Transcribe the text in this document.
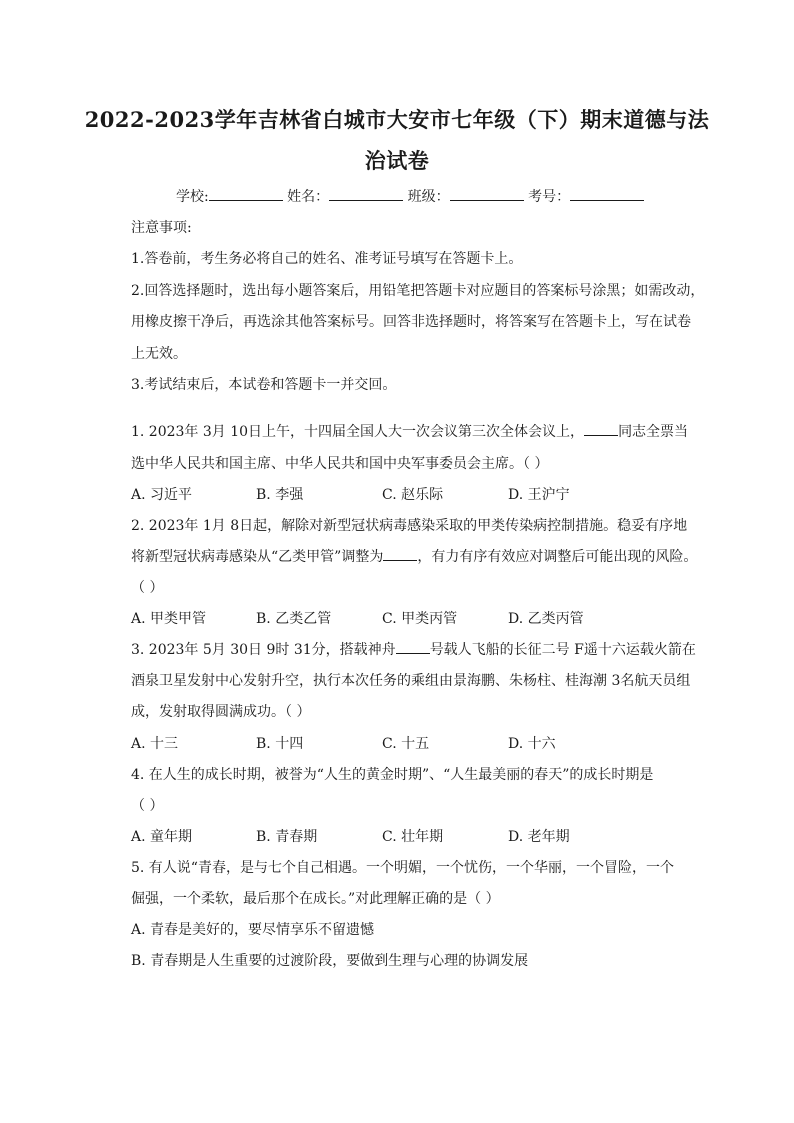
2022-2023学年吉林省白城市大安市七年级（下）期末道德与法
治试卷
学校:	姓名：	班级：	考号：
注意事项:
1.答卷前，考生务必将自己的姓名、准考证号填写在答题卡上。
2.回答选择题时，选出每小题答案后，用铅笔把答题卡对应题目的答案标号涂黑；如需改动，
用橡皮擦干净后，再选涂其他答案标号。回答非选择题时，将答案写在答题卡上，写在试卷
上无效。
3.考试结束后，本试卷和答题卡一并交回。
1. 2023年 3月 10日上午，十四届全国人大一次会议第三次全体会议上， 同志全票当
选中华人民共和国主席、中华人民共和国中央军事委员会主席。（ ）
A. 习近平	B. 李强	C. 赵乐际	D. 王沪宁
2. 2023年 1月 8日起，解除对新型冠状病毒感染采取的甲类传染病控制措施。稳妥有序地
将新型冠状病毒感染从“乙类甲管”调整为 ，有力有序有效应对调整后可能出现的风险。
（ ）
A. 甲类甲管	B. 乙类乙管	C. 甲类丙管	D. 乙类丙管
3. 2023年 5月 30日 9时 31分，搭载神舟 号载人飞船的长征二号 F遥十六运载火箭在
酒泉卫星发射中心发射升空，执行本次任务的乘组由景海鹏、朱杨柱、桂海潮 3名航天员组
成，发射取得圆满成功。（ ）
A. 十三	B. 十四	C. 十五	D. 十六
4. 在人生的成长时期，被誉为“人生的黄金时期”、“人生最美丽的春天”的成长时期是
（ ）
A. 童年期	B. 青春期	C. 壮年期	D. 老年期
5. 有人说“青春，是与七个自己相遇。一个明媚，一个忧伤，一个华丽，一个冒险，一个
倔强，一个柔软，最后那个在成长。”对此理解正确的是（ ）
A. 青春是美好的，要尽情享乐不留遗憾
B. 青春期是人生重要的过渡阶段，要做到生理与心理的协调发展
